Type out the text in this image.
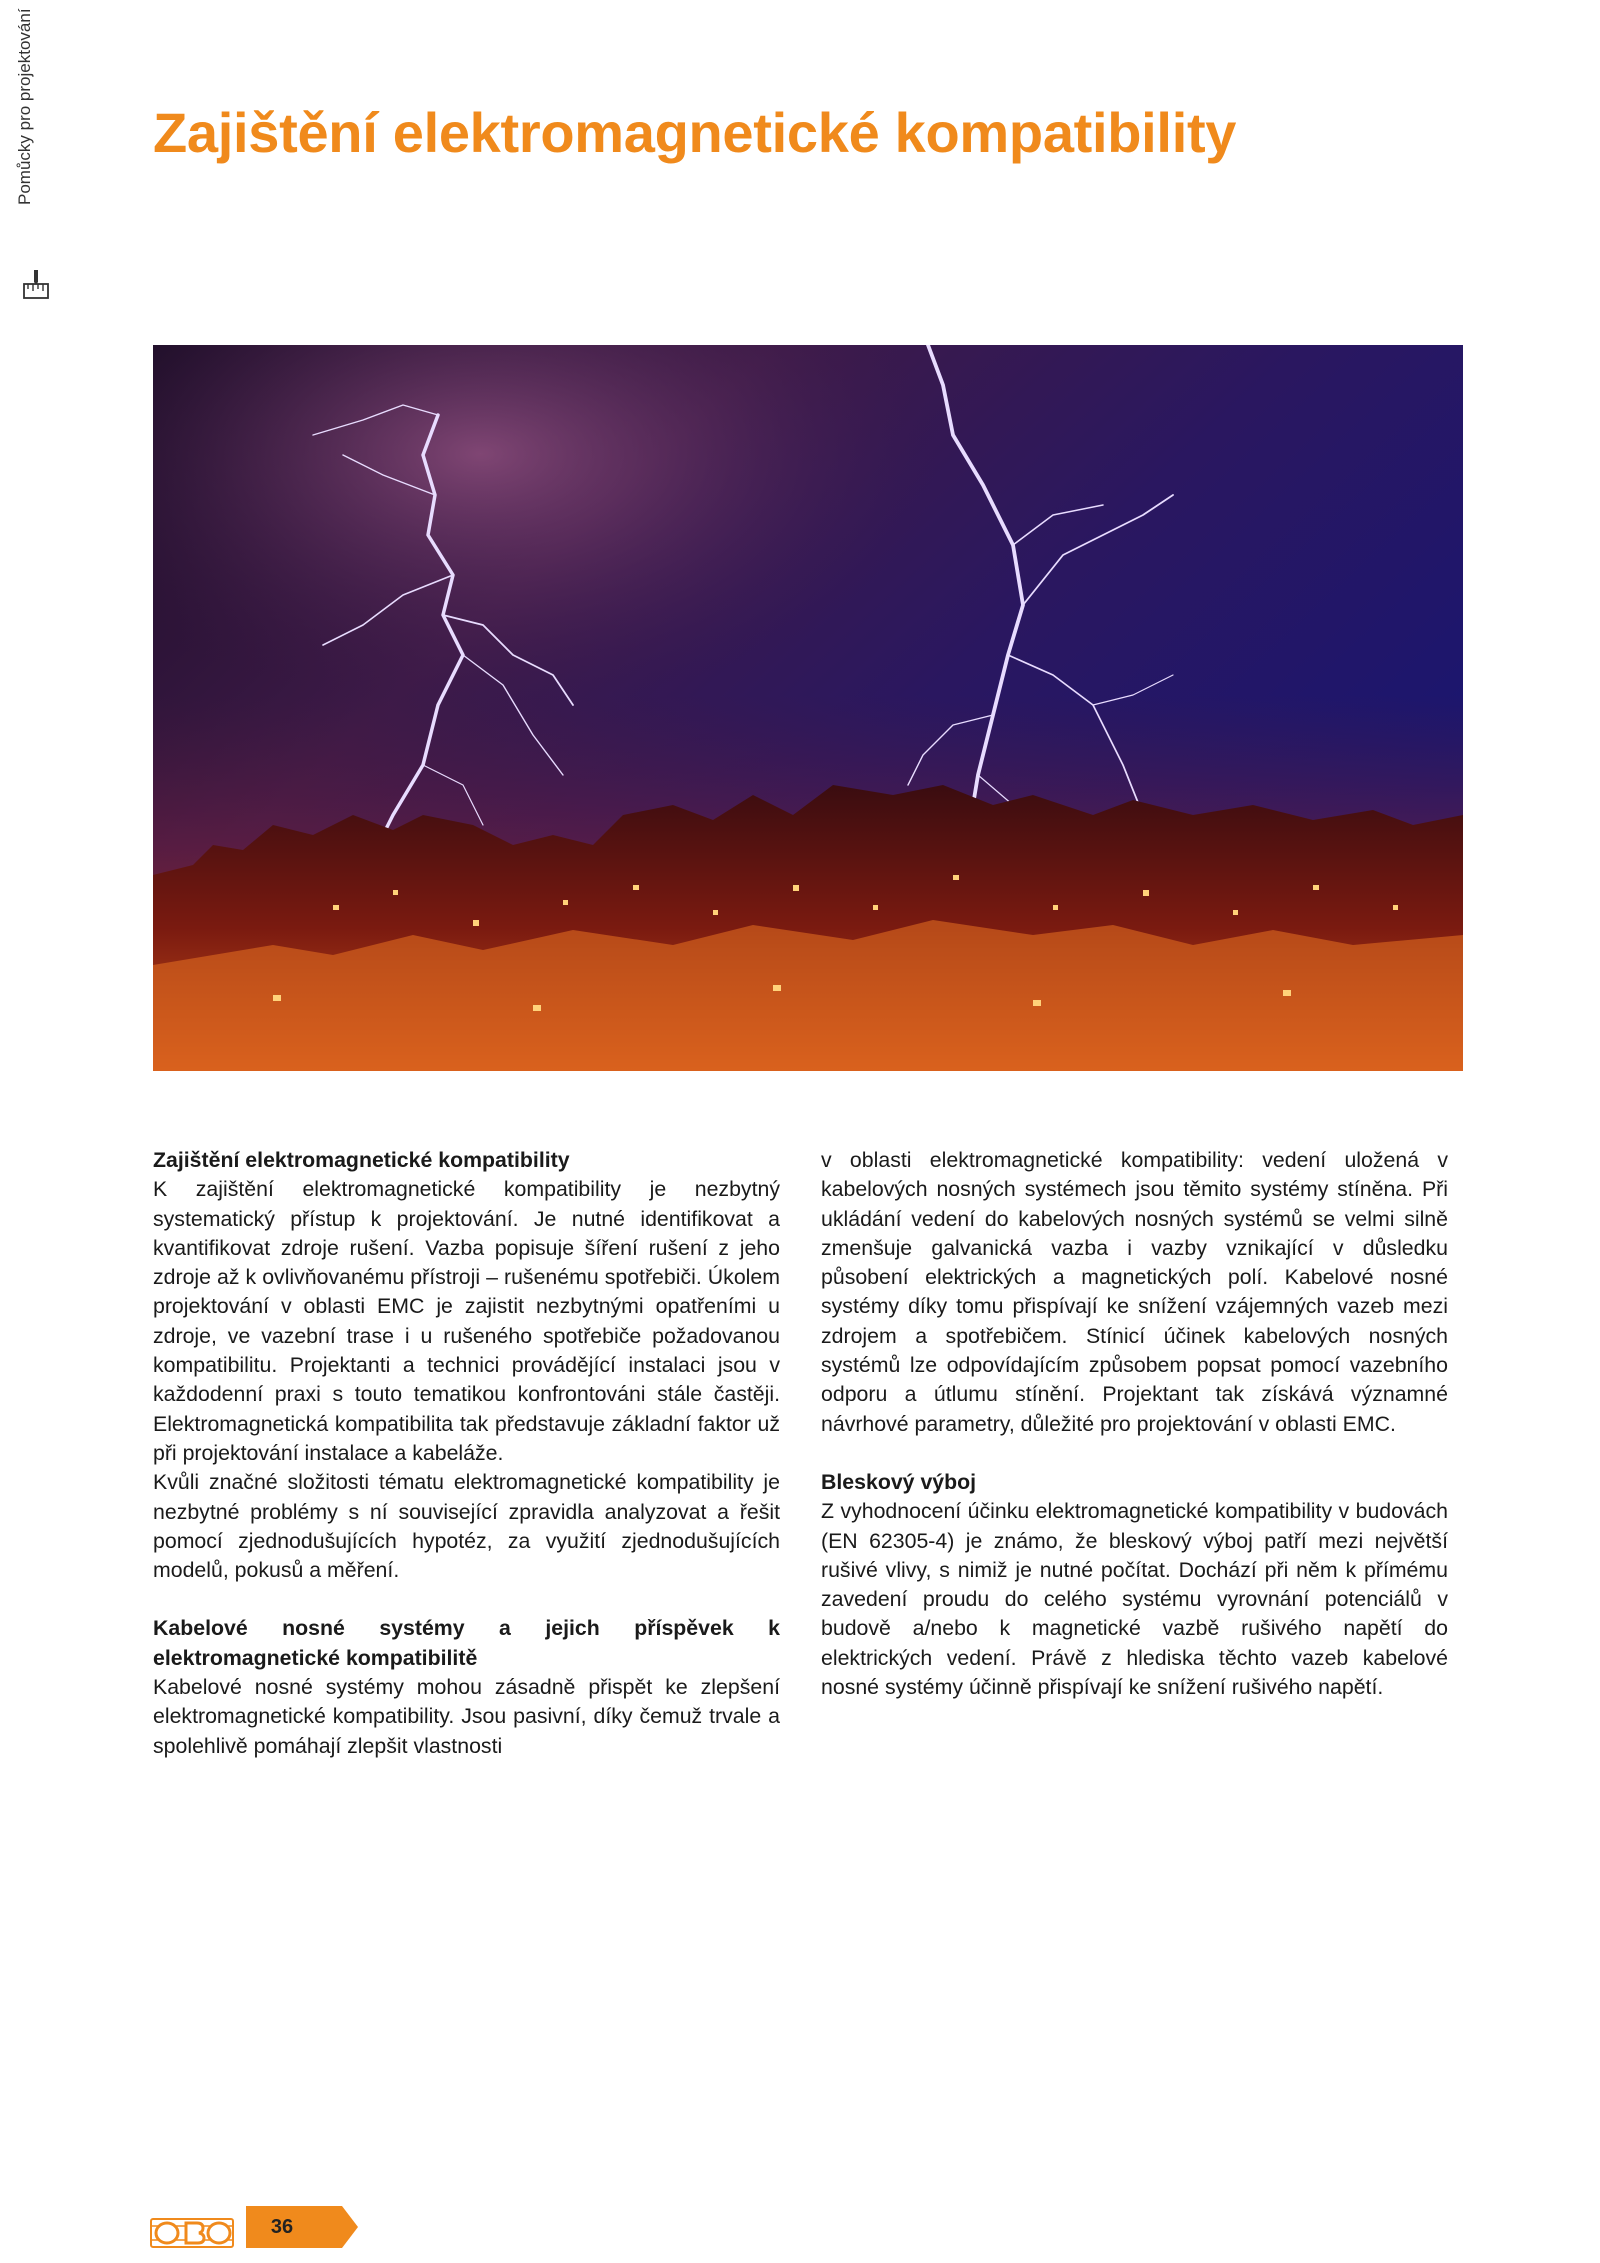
Pomůcky pro projektování Zajištění elektromagnetické kompatibility
Zajištění elektromagnetické kompatibility

K zajištění elektromagnetické kompatibility je nezbytný systematický přístup k projektování. Je nutné identifikovat a kvantifikovat zdroje rušení. Vazba popisuje šíření rušení z jeho zdroje až k ovlivňovanému přístroji – rušenému spotřebiči. Úkolem projektování v oblasti EMC je zajistit nezbytnými opatřeními u zdroje, ve vazební trase i u rušeného spotřebiče požadovanou kompatibilitu. Projektanti a technici provádějící instalaci jsou v každodenní praxi s touto tematikou konfrontováni stále častěji. Elektromagnetická kompatibilita tak představuje základní faktor už při projektování instalace a kabeláže.

Kvůli značné složitosti tématu elektromagnetické kompatibility je nezbytné problémy s ní související zpravidla analyzovat a řešit pomocí zjednodušujících hypotéz, za využití zjednodušujících modelů, pokusů a měření.

Kabelové nosné systémy a jejich příspěvek k elektromagnetické kompatibilitě

Kabelové nosné systémy mohou zásadně přispět ke zlepšení elektromagnetické kompatibility. Jsou pasivní, díky čemuž trvale a spolehlivě pomáhají zlepšit vlastnosti

v oblasti elektromagnetické kompatibility: vedení uložená v kabelových nosných systémech jsou těmito systémy stíněna. Při ukládání vedení do kabelových nosných systémů se velmi silně zmenšuje galvanická vazba i vazby vznikající v důsledku působení elektrických a magnetických polí. Kabelové nosné systémy díky tomu přispívají ke snížení vzájemných vazeb mezi zdrojem a spotřebičem. Stínicí účinek kabelových nosných systémů lze odpovídajícím způsobem popsat pomocí vazebního odporu a útlumu stínění. Projektant tak získává významné návrhové parametry, důležité pro projektování v oblasti EMC.

Bleskový výboj

Z vyhodnocení účinku elektromagnetické kompatibility v budovách (EN 62305-4) je známo, že bleskový výboj patří mezi největší rušivé vlivy, s nimiž je nutné počítat. Dochází při něm k přímému zavedení proudu do celého systému vyrovnání potenciálů v budově a/nebo k magnetické vazbě rušivého napětí do elektrických vedení. Právě z hlediska těchto vazeb kabelové nosné systémy účinně přispívají ke snížení rušivého napětí.

36
